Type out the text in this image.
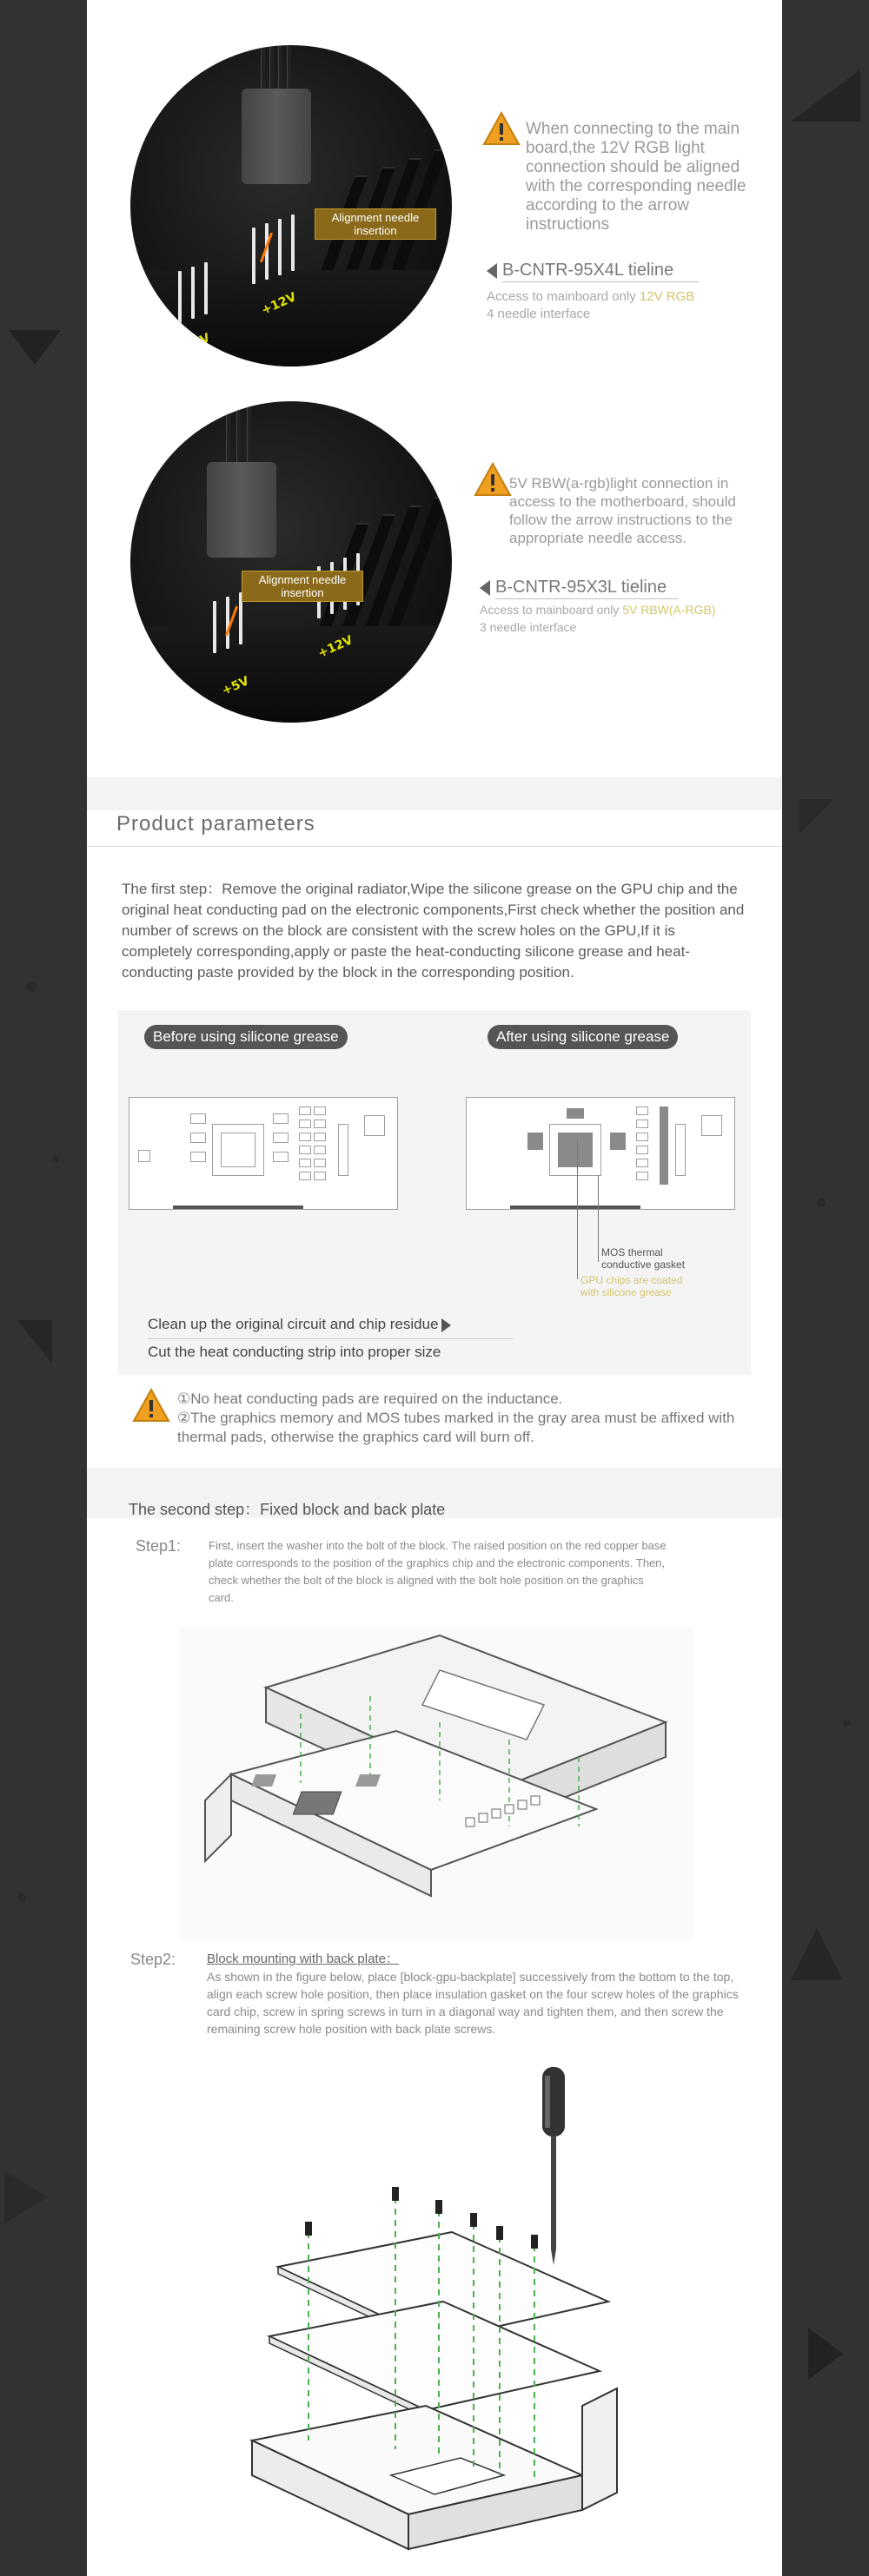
+5V
+12V
Alignment needle insertion
When connecting to the main board,the 12V RGB light connection should be aligned with the corresponding needle according to the arrow instructions
B-CNTR-95X4L tieline
Access to mainboard only 12V RGB
4 needle interface
+5V
+12V
Alignment needle insertion
5V RBW(a-rgb)light connection in access to the motherboard, should follow the arrow instructions to the appropriate needle access.
B-CNTR-95X3L tieline
Access to mainboard only 5V RBW(A-RGB)
3 needle interface
Product parameters
The first step：Remove the original radiator,Wipe the silicone grease on the GPU chip and the original heat conducting pad on the electronic components,First check whether the position and number of screws on the block are consistent with the screw holes on the GPU,If it is completely corresponding,apply or paste the heat-conducting silicone grease and heat-conducting paste provided by the block in the corresponding position.
Before using silicone grease	After using silicone grease
MOS thermal conductive gasket
GPU chips are coated with silicone grease
Clean up the original circuit and chip residue
Cut the heat conducting strip into proper size
①No heat conducting pads are required on the inductance.
②The graphics memory and MOS tubes marked in the gray area must be affixed with thermal pads, otherwise the graphics card will burn off.
The second step：Fixed block and back plate
Step1: First, insert the washer into the bolt of the block. The raised position on the red copper base plate corresponds to the position of the graphics chip and the electronic components. Then, check whether the bolt of the block is aligned with the bolt hole position on the graphics card.
Step2: Block mounting with back plate：
As shown in the figure below, place [block-gpu-backplate] successively from the bottom to the top, align each screw hole position, then place insulation gasket on the four screw holes of the graphics card chip, screw in spring screws in turn in a diagonal way and tighten them, and then screw the remaining screw hole position with back plate screws.
